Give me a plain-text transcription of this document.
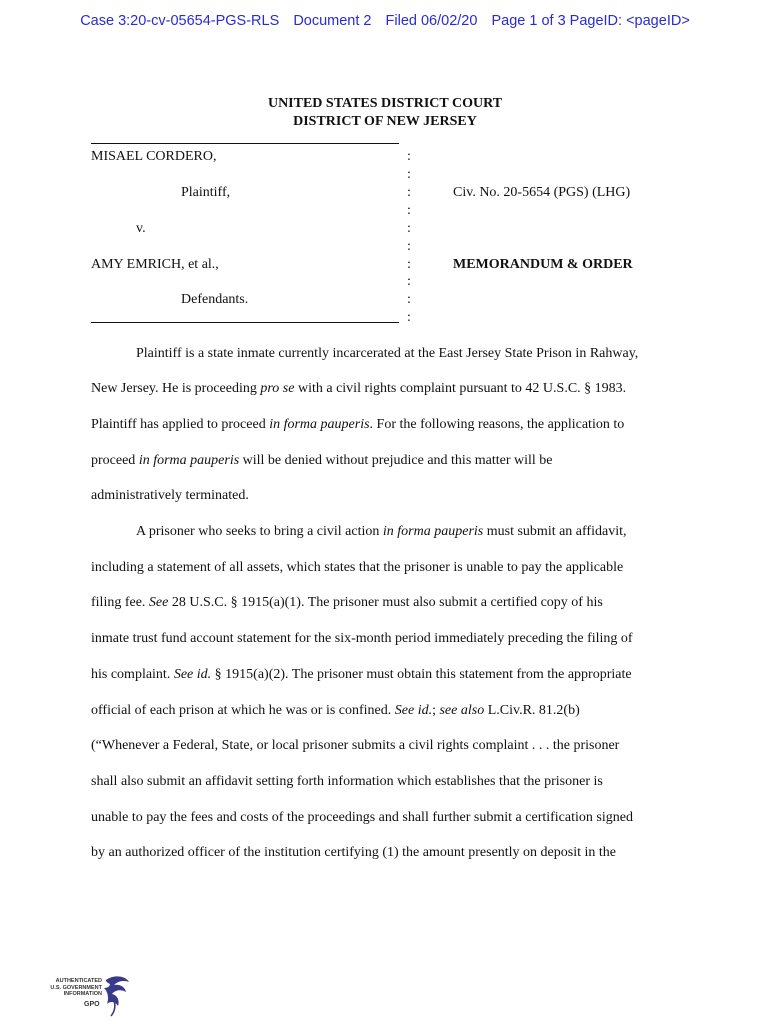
Case 3:20-cv-05654-PGS-RLS Document 2 Filed 06/02/20 Page 1 of 3 PageID: <pageID>
UNITED STATES DISTRICT COURT
DISTRICT OF NEW JERSEY
MISAEL CORDERO,
Plaintiff,
v.
AMY EMRICH, et al.,
Defendants.
:
:
:
:
:
:
:
:
:
:
Civ. No. 20-5654 (PGS) (LHG)
MEMORANDUM & ORDER
Plaintiff is a state inmate currently incarcerated at the East Jersey State Prison in Rahway,
New Jersey. He is proceeding pro se with a civil rights complaint pursuant to 42 U.S.C. § 1983.
Plaintiff has applied to proceed in forma pauperis. For the following reasons, the application to
proceed in forma pauperis will be denied without prejudice and this matter will be
administratively terminated.
A prisoner who seeks to bring a civil action in forma pauperis must submit an affidavit,
including a statement of all assets, which states that the prisoner is unable to pay the applicable
filing fee. See 28 U.S.C. § 1915(a)(1). The prisoner must also submit a certified copy of his
inmate trust fund account statement for the six-month period immediately preceding the filing of
his complaint. See id. § 1915(a)(2). The prisoner must obtain this statement from the appropriate
official of each prison at which he was or is confined. See id.; see also L.Civ.R. 81.2(b)
(“Whenever a Federal, State, or local prisoner submits a civil rights complaint . . . the prisoner
shall also submit an affidavit setting forth information which establishes that the prisoner is
unable to pay the fees and costs of the proceedings and shall further submit a certification signed
by an authorized officer of the institution certifying (1) the amount presently on deposit in the
AUTHENTICATED
U.S. GOVERNMENT
INFORMATION
GPO
